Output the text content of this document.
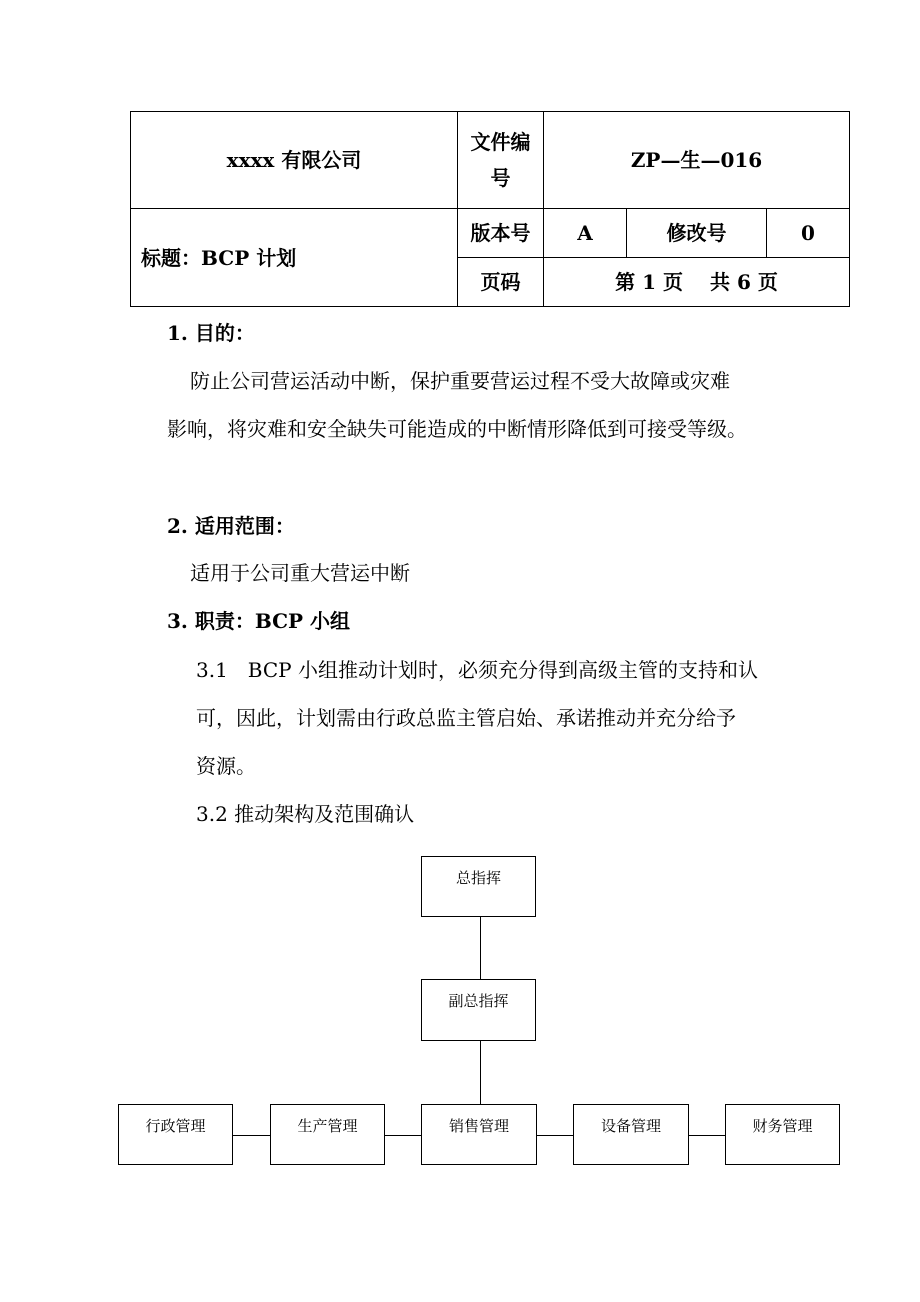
xxxx 有限公司	文件编号	ZP—生—016		
标题：BCP 计划	版本号	A	修改号	0
	页码	第 1 页　 共 6 页		
1. 目的：
防止公司营运活动中断，保护重要营运过程不受大故障或灾难
影响，将灾难和安全缺失可能造成的中断情形降低到可接受等级。
2. 适用范围：
适用于公司重大营运中断
3. 职责：BCP 小组
3.1　BCP 小组推动计划时，必须充分得到高级主管的支持和认
可，因此，计划需由行政总监主管启始、承诺推动并充分给予
资源。
3.2 推动架构及范围确认
总指挥
副总指挥
行政管理	生产管理	销售管理	设备管理	财务管理
